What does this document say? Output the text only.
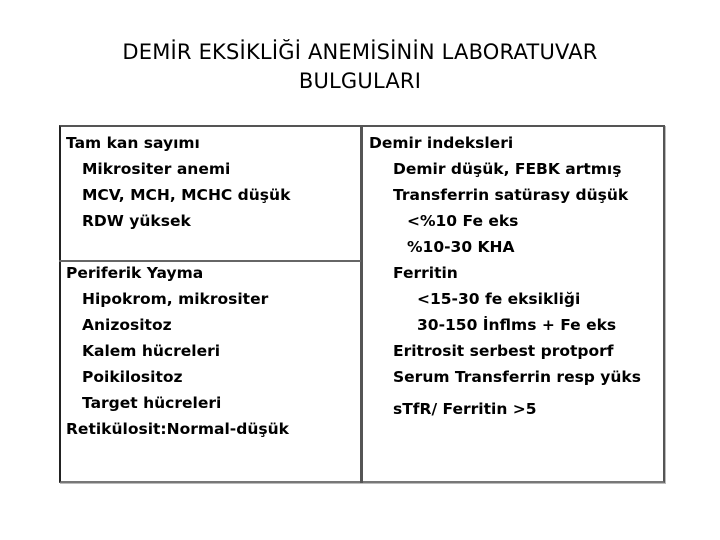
DEMİR EKSİKLİĞİ ANEMİSİNİN LABORATUVAR
BULGULARI
Tam kan sayımı
Mikrositer anemi
MCV, MCH, MCHC düşük
RDW yüksek
Periferik Yayma
Hipokrom, mikrositer
Anizositoz
Kalem hücreleri
Poikilositoz
Target hücreleri
Retikülosit:Normal-düşük
Demir indeksleri
Demir düşük, FEBK artmış
Transferrin satürasy düşük
<%10 Fe eks
%10-30 KHA
Ferritin
<15-30 fe eksikliği
30-150 İnflms + Fe eks
Eritrosit serbest protporf
Serum Transferrin resp yüks
sTfR/ Ferritin >5
